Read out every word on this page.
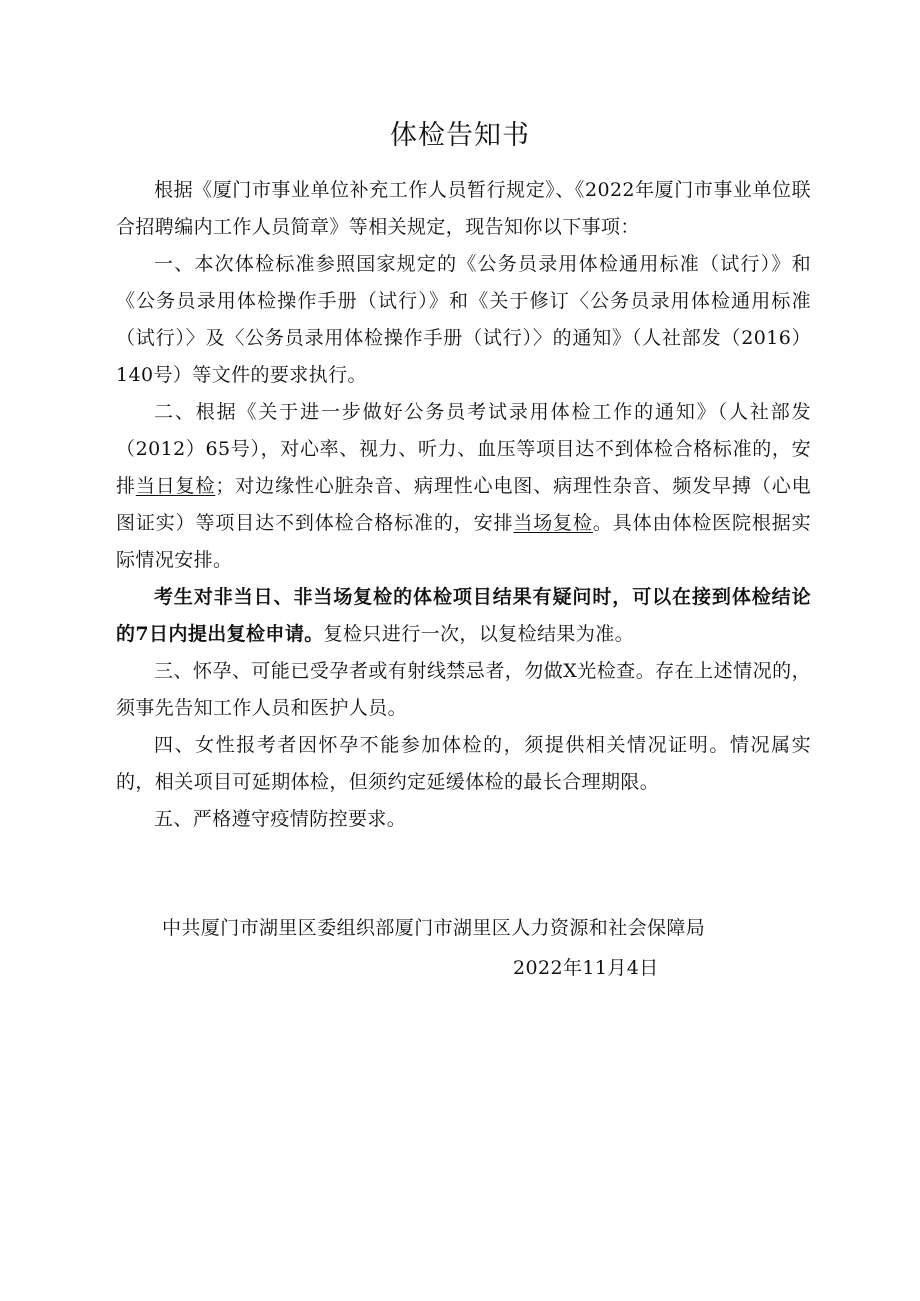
体检告知书

根据《厦门市事业单位补充工作人员暂行规定》、《2022年厦门市事业单位联合招聘编内工作人员简章》等相关规定，现告知你以下事项：

一、本次体检标准参照国家规定的《公务员录用体检通用标准（试行）》和《公务员录用体检操作手册（试行）》和《关于修订〈公务员录用体检通用标准（试行）〉及〈公务员录用体检操作手册（试行）〉的通知》（人社部发（2016）140号）等文件的要求执行。

二、根据《关于进一步做好公务员考试录用体检工作的通知》（人社部发（2012）65号），对心率、视力、听力、血压等项目达不到体检合格标准的，安排当日复检；对边缘性心脏杂音、病理性心电图、病理性杂音、频发早搏（心电图证实）等项目达不到体检合格标准的，安排当场复检。具体由体检医院根据实际情况安排。

考生对非当日、非当场复检的体检项目结果有疑问时，可以在接到体检结论的7日内提出复检申请。复检只进行一次，以复检结果为准。

三、怀孕、可能已受孕者或有射线禁忌者，勿做X光检查。存在上述情况的，须事先告知工作人员和医护人员。

四、女性报考者因怀孕不能参加体检的，须提供相关情况证明。情况属实的，相关项目可延期体检，但须约定延缓体检的最长合理期限。

五、严格遵守疫情防控要求。

中共厦门市湖里区委组织部厦门市湖里区人力资源和社会保障局
2022年11月4日
